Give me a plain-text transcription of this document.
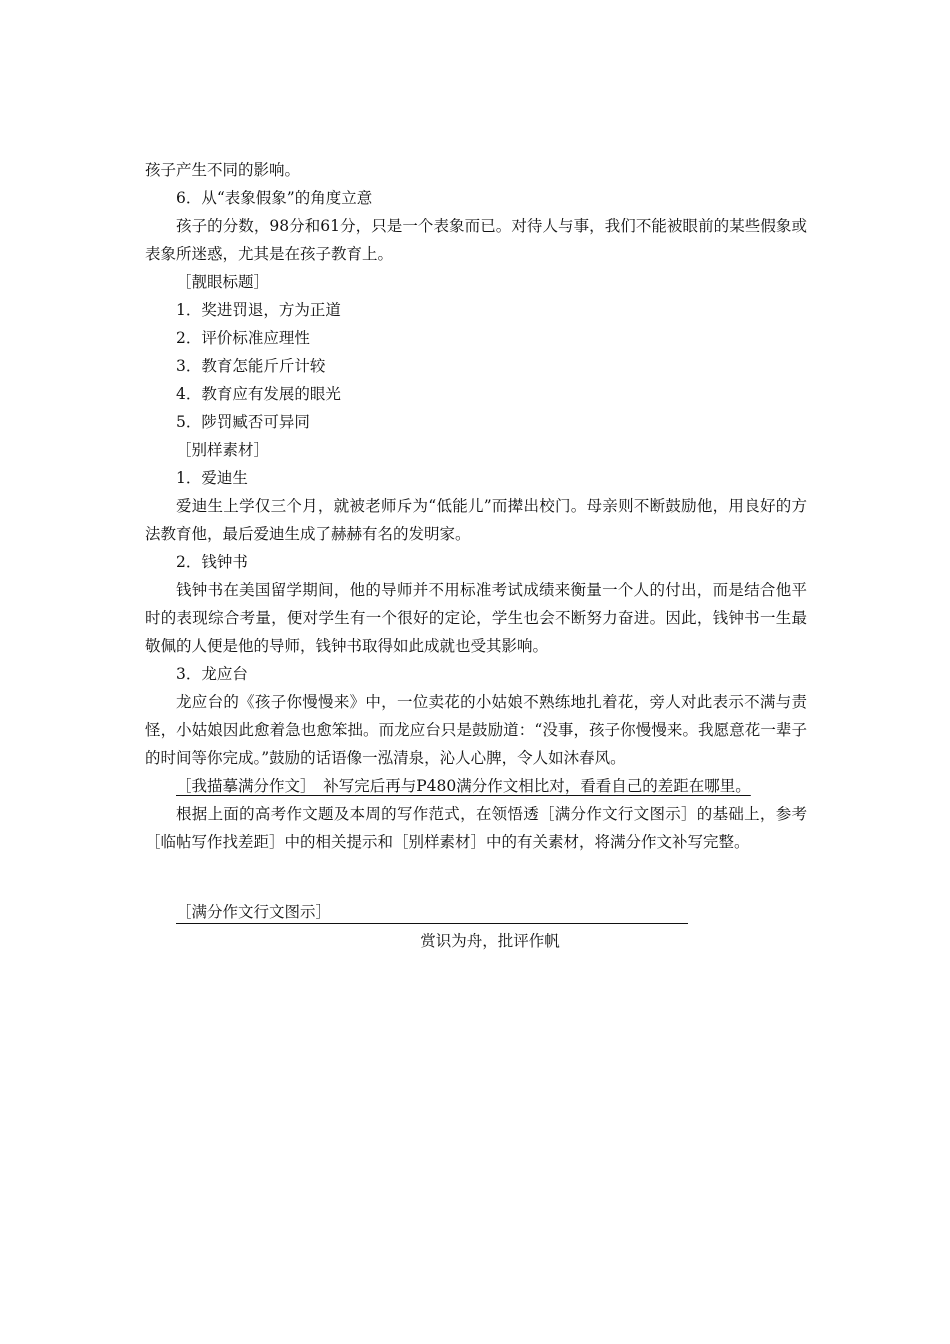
孩子产生不同的影响。

6．从“表象假象”的角度立意

孩子的分数，98分和61分，只是一个表象而已。对待人与事，我们不能被眼前的某些假象或表象所迷惑，尤其是在孩子教育上。

［靓眼标题］

1．奖进罚退，方为正道

2．评价标准应理性

3．教育怎能斤斤计较

4．教育应有发展的眼光

5．陟罚臧否可异同

［别样素材］

1．爱迪生

爱迪生上学仅三个月，就被老师斥为“低能儿”而撵出校门。母亲则不断鼓励他，用良好的方法教育他，最后爱迪生成了赫赫有名的发明家。

2．钱钟书

钱钟书在美国留学期间，他的导师并不用标准考试成绩来衡量一个人的付出，而是结合他平时的表现综合考量，便对学生有一个很好的定论，学生也会不断努力奋进。因此，钱钟书一生最敬佩的人便是他的导师，钱钟书取得如此成就也受其影响。

3．龙应台

龙应台的《孩子你慢慢来》中，一位卖花的小姑娘不熟练地扎着花，旁人对此表示不满与责怪，小姑娘因此愈着急也愈笨拙。而龙应台只是鼓励道：“没事，孩子你慢慢来。我愿意花一辈子的时间等你完成。”鼓励的话语像一泓清泉，沁人心脾，令人如沐春风。

［我描摹满分作文］　补写完后再与P480满分作文相比对，看看自己的差距在哪里。

根据上面的高考作文题及本周的写作范式，在领悟透［满分作文行文图示］的基础上，参考［临帖写作找差距］中的相关提示和［别样素材］中的有关素材，将满分作文补写完整。

［满分作文行文图示］
赏识为舟，批评作帆
